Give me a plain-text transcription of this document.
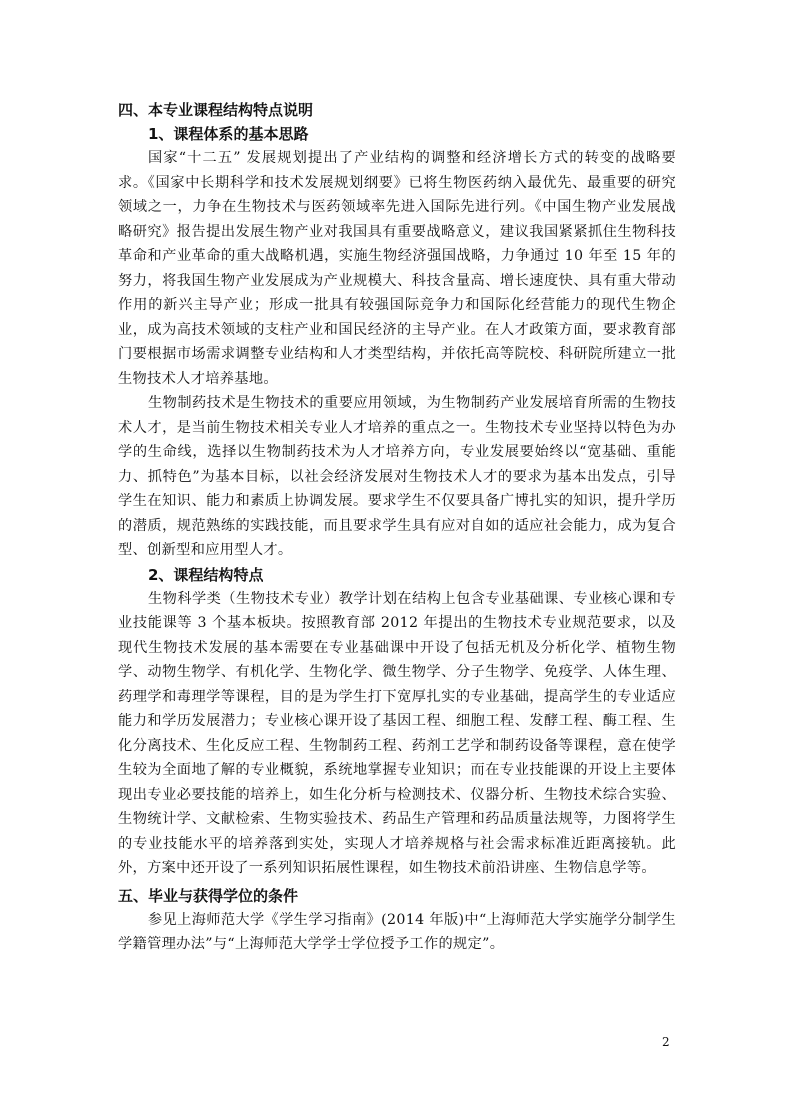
四、本专业课程结构特点说明
1、课程体系的基本思路

国家“十二五” 发展规划提出了产业结构的调整和经济增长方式的转变的战略要求。《国家中长期科学和技术发展规划纲要》已将生物医药纳入最优先、最重要的研究领域之一，力争在生物技术与医药领域率先进入国际先进行列。《中国生物产业发展战略研究》报告提出发展生物产业对我国具有重要战略意义，建议我国紧紧抓住生物科技革命和产业革命的重大战略机遇，实施生物经济强国战略，力争通过 10 年至 15 年的努力，将我国生物产业发展成为产业规模大、科技含量高、增长速度快、具有重大带动作用的新兴主导产业；形成一批具有较强国际竞争力和国际化经营能力的现代生物企业，成为高技术领域的支柱产业和国民经济的主导产业。在人才政策方面，要求教育部门要根据市场需求调整专业结构和人才类型结构，并依托高等院校、科研院所建立一批生物技术人才培养基地。

生物制药技术是生物技术的重要应用领域，为生物制药产业发展培育所需的生物技术人才，是当前生物技术相关专业人才培养的重点之一。生物技术专业坚持以特色为办学的生命线，选择以生物制药技术为人才培养方向，专业发展要始终以“宽基础、重能力、抓特色”为基本目标，以社会经济发展对生物技术人才的要求为基本出发点，引导学生在知识、能力和素质上协调发展。要求学生不仅要具备广博扎实的知识，提升学历的潜质，规范熟练的实践技能，而且要求学生具有应对自如的适应社会能力，成为复合型、创新型和应用型人才。

2、课程结构特点

生物科学类（生物技术专业）教学计划在结构上包含专业基础课、专业核心课和专业技能课等 3 个基本板块。按照教育部 2012 年提出的生物技术专业规范要求，以及现代生物技术发展的基本需要在专业基础课中开设了包括无机及分析化学、植物生物学、动物生物学、有机化学、生物化学、微生物学、分子生物学、免疫学、人体生理、药理学和毒理学等课程，目的是为学生打下宽厚扎实的专业基础，提高学生的专业适应能力和学历发展潜力；专业核心课开设了基因工程、细胞工程、发酵工程、酶工程、生化分离技术、生化反应工程、生物制药工程、药剂工艺学和制药设备等课程，意在使学生较为全面地了解的专业概貌，系统地掌握专业知识；而在专业技能课的开设上主要体现出专业必要技能的培养上，如生化分析与检测技术、仪器分析、生物技术综合实验、生物统计学、文献检索、生物实验技术、药品生产管理和药品质量法规等，力图将学生的专业技能水平的培养落到实处，实现人才培养规格与社会需求标准近距离接轨。此外，方案中还开设了一系列知识拓展性课程，如生物技术前沿讲座、生物信息学等。

五、毕业与获得学位的条件

参见上海师范大学《学生学习指南》(2014 年版)中“上海师范大学实施学分制学生学籍管理办法”与“上海师范大学学士学位授予工作的规定”。

2
